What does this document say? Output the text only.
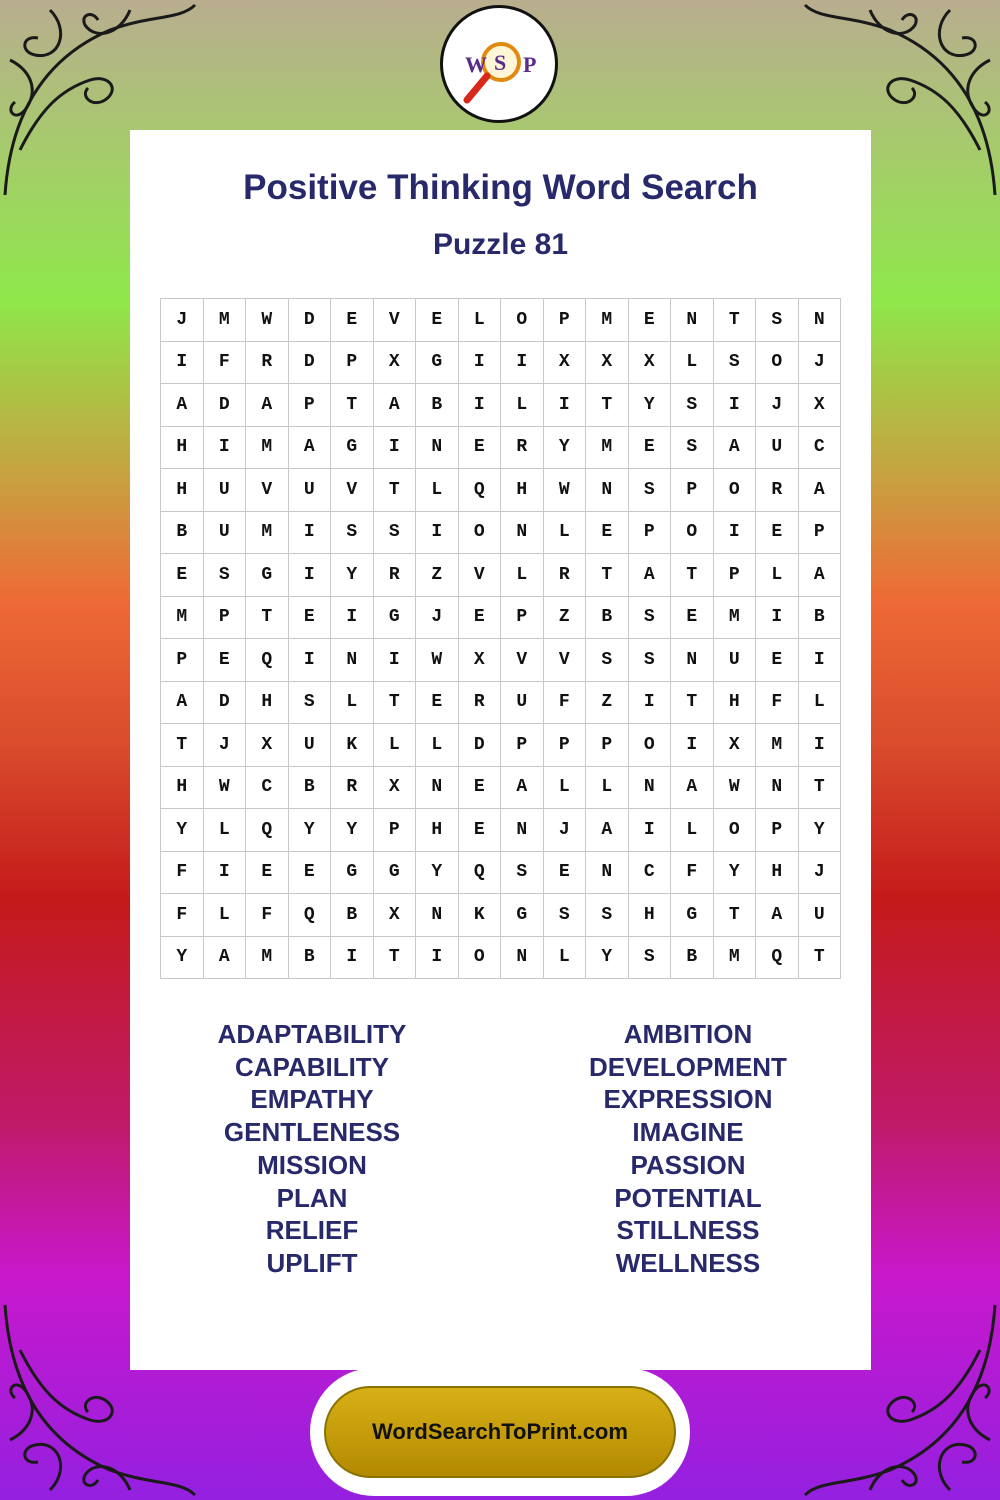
W S P
Positive Thinking Word Search
Puzzle 81
J	M	W	D	E	V	E	L	O	P	M	E	N	T	S	N
I	F	R	D	P	X	G	I	I	X	X	X	L	S	O	J
A	D	A	P	T	A	B	I	L	I	T	Y	S	I	J	X
H	I	M	A	G	I	N	E	R	Y	M	E	S	A	U	C
H	U	V	U	V	T	L	Q	H	W	N	S	P	O	R	A
B	U	M	I	S	S	I	O	N	L	E	P	O	I	E	P
E	S	G	I	Y	R	Z	V	L	R	T	A	T	P	L	A
M	P	T	E	I	G	J	E	P	Z	B	S	E	M	I	B
P	E	Q	I	N	I	W	X	V	V	S	S	N	U	E	I
A	D	H	S	L	T	E	R	U	F	Z	I	T	H	F	L
T	J	X	U	K	L	L	D	P	P	P	O	I	X	M	I
H	W	C	B	R	X	N	E	A	L	L	N	A	W	N	T
Y	L	Q	Y	Y	P	H	E	N	J	A	I	L	O	P	Y
F	I	E	E	G	G	Y	Q	S	E	N	C	F	Y	H	J
F	L	F	Q	B	X	N	K	G	S	S	H	G	T	A	U
Y	A	M	B	I	T	I	O	N	L	Y	S	B	M	Q	T
ADAPTABILITY
CAPABILITY
EMPATHY
GENTLENESS
MISSION
PLAN
RELIEF
UPLIFT
AMBITION
DEVELOPMENT
EXPRESSION
IMAGINE
PASSION
POTENTIAL
STILLNESS
WELLNESS
WordSearchToPrint.com
